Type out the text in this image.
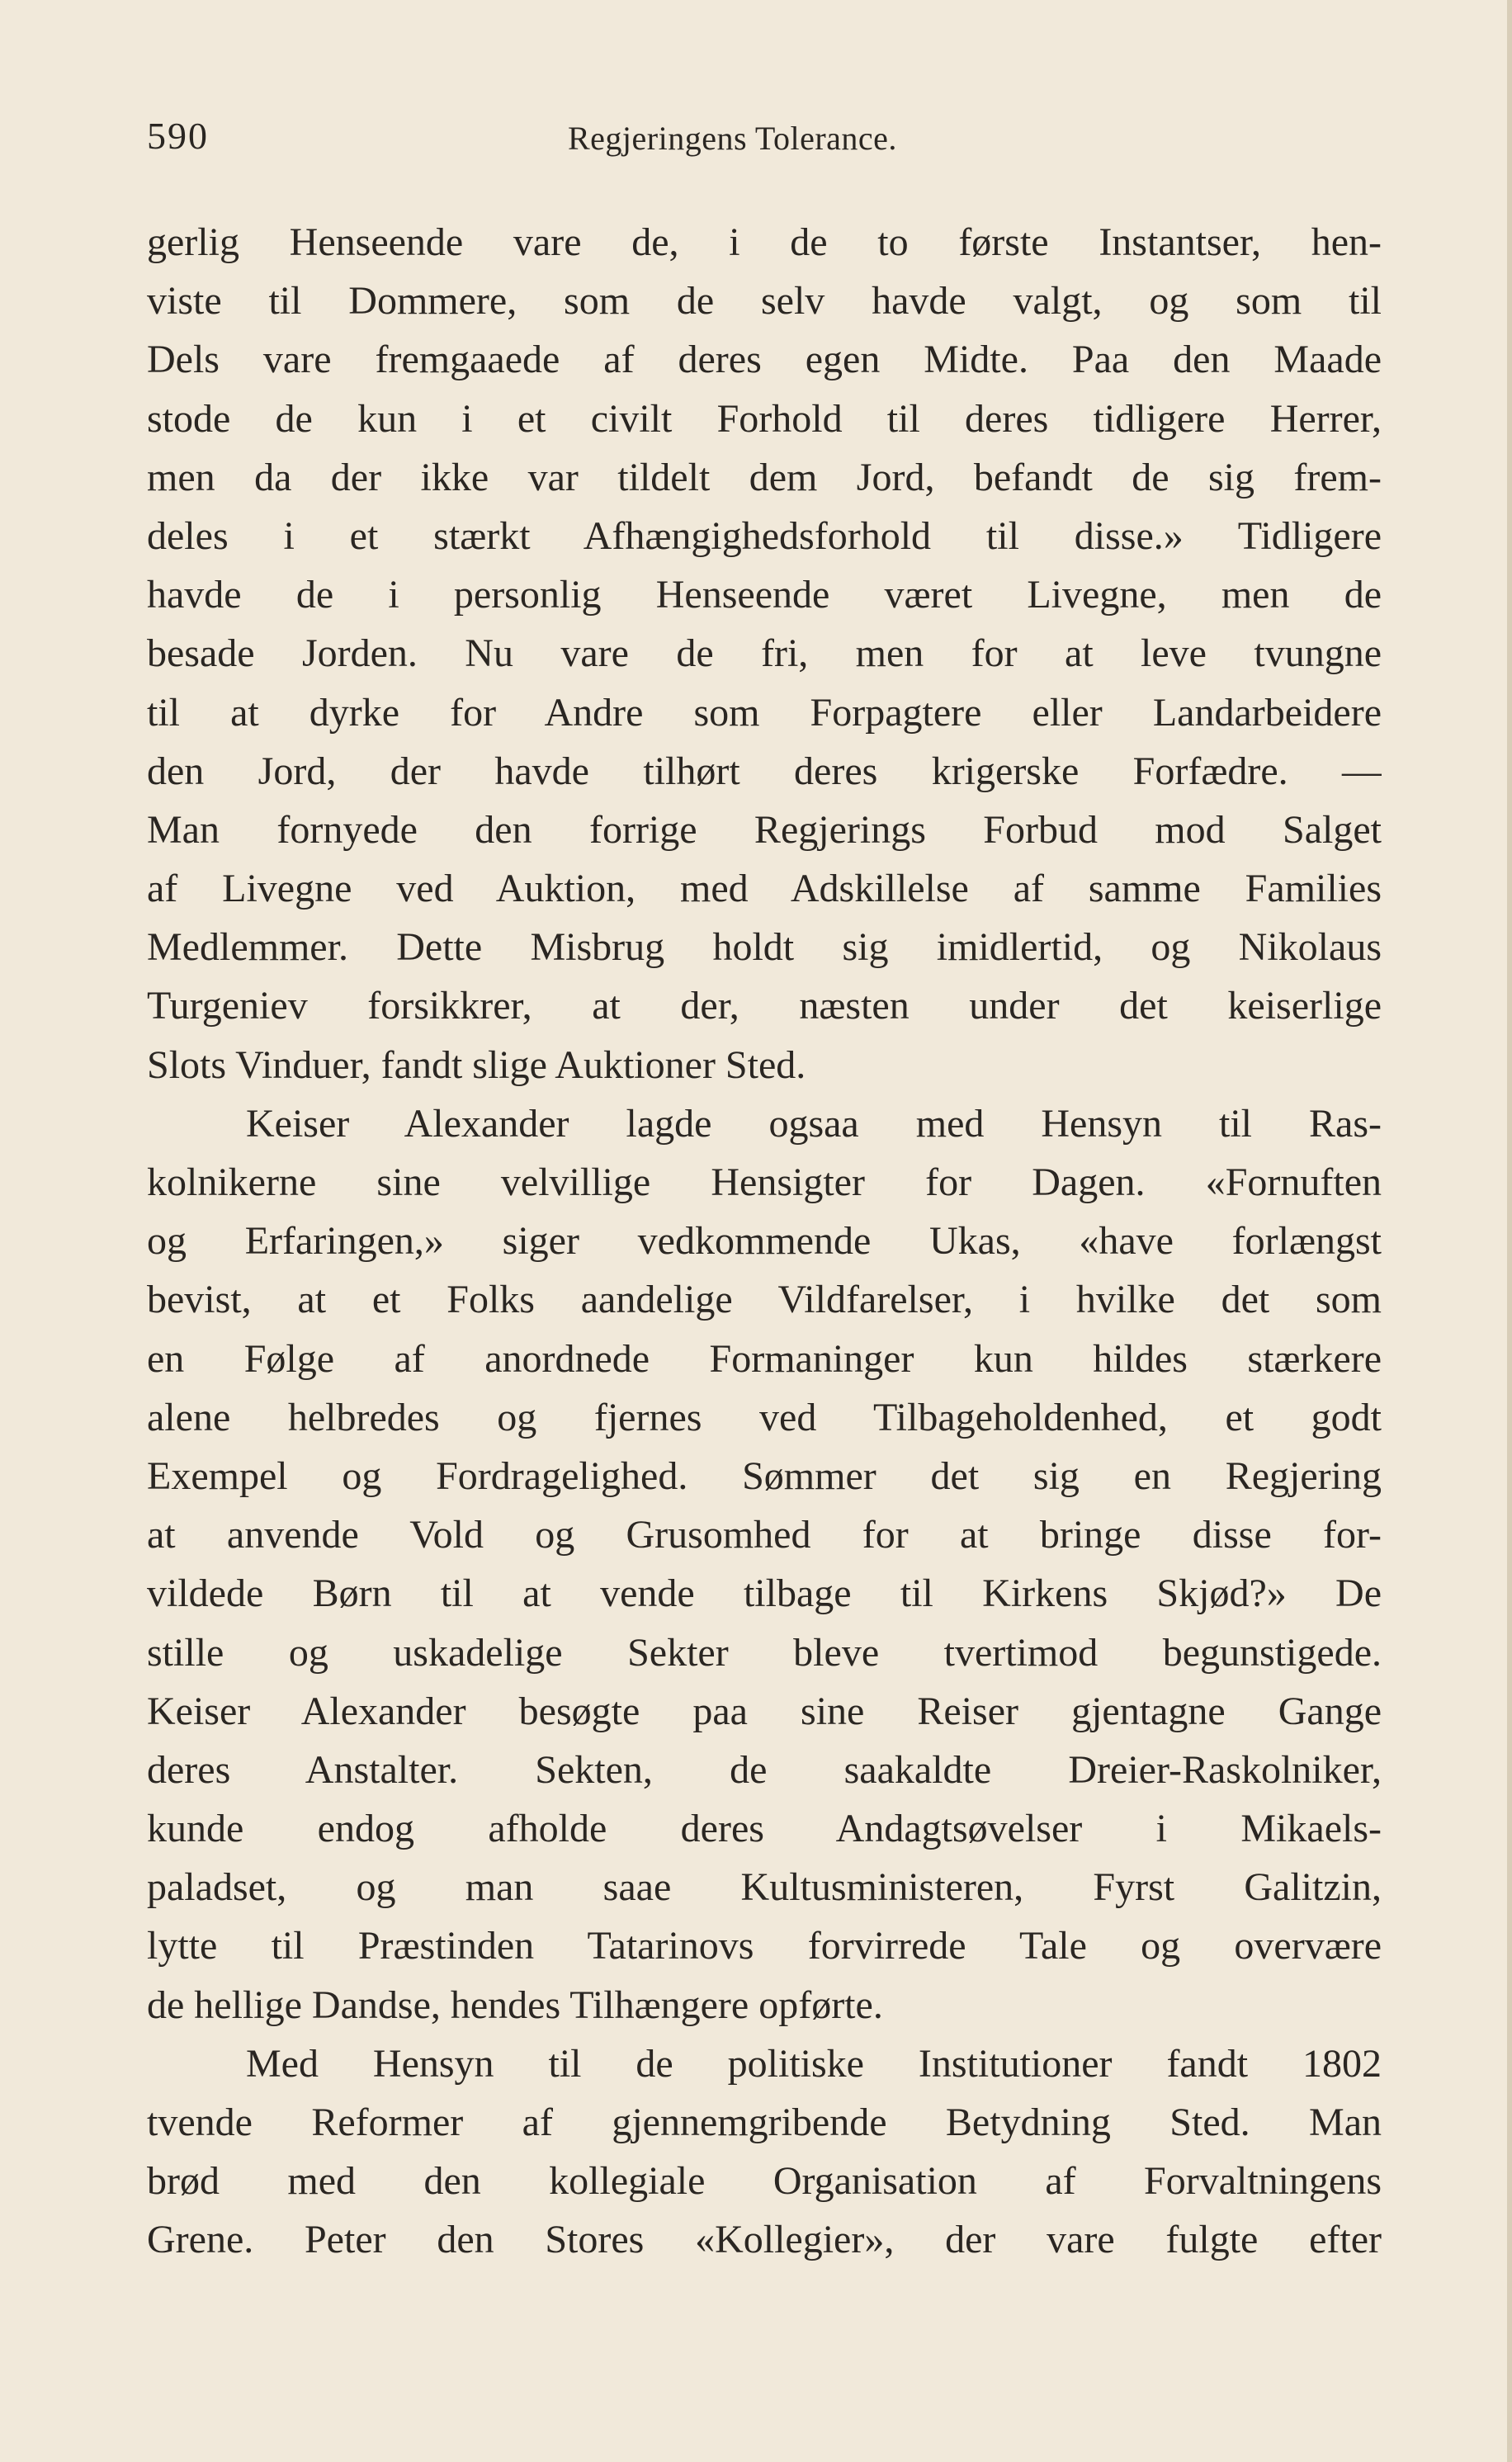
590	Regjeringens Tolerance.
gerlig Henseende vare de, i de to første Instantser, hen-
viste til Dommere, som de selv havde valgt, og som til
Dels vare fremgaaede af deres egen Midte. Paa den Maade
stode de kun i et civilt Forhold til deres tidligere Herrer,
men da der ikke var tildelt dem Jord, befandt de sig frem-
deles i et stærkt Afhængighedsforhold til disse.» Tidligere
havde de i personlig Henseende været Livegne, men de
besade Jorden. Nu vare de fri, men for at leve tvungne
til at dyrke for Andre som Forpagtere eller Landarbeidere
den Jord, der havde tilhørt deres krigerske Forfædre. —
Man fornyede den forrige Regjerings Forbud mod Salget
af Livegne ved Auktion, med Adskillelse af samme Families
Medlemmer. Dette Misbrug holdt sig imidlertid, og Nikolaus
Turgeniev forsikkrer, at der, næsten under det keiserlige
Slots Vinduer, fandt slige Auktioner Sted.
Keiser Alexander lagde ogsaa med Hensyn til Ras-
kolnikerne sine velvillige Hensigter for Dagen. «Fornuften
og Erfaringen,» siger vedkommende Ukas, «have forlængst
bevist, at et Folks aandelige Vildfarelser, i hvilke det som
en Følge af anordnede Formaninger kun hildes stærkere
alene helbredes og fjernes ved Tilbageholdenhed, et godt
Exempel og Fordragelighed. Sømmer det sig en Regjering
at anvende Vold og Grusomhed for at bringe disse for-
vildede Børn til at vende tilbage til Kirkens Skjød?» De
stille og uskadelige Sekter bleve tvertimod begunstigede.
Keiser Alexander besøgte paa sine Reiser gjentagne Gange
deres Anstalter. Sekten, de saakaldte Dreier-Raskolniker,
kunde endog afholde deres Andagtsøvelser i Mikaels-
paladset, og man saae Kultusministeren, Fyrst Galitzin,
lytte til Præstinden Tatarinovs forvirrede Tale og overvære
de hellige Dandse, hendes Tilhængere opførte.
Med Hensyn til de politiske Institutioner fandt 1802
tvende Reformer af gjennemgribende Betydning Sted. Man
brød med den kollegiale Organisation af Forvaltningens
Grene. Peter den Stores «Kollegier», der vare fulgte efter
